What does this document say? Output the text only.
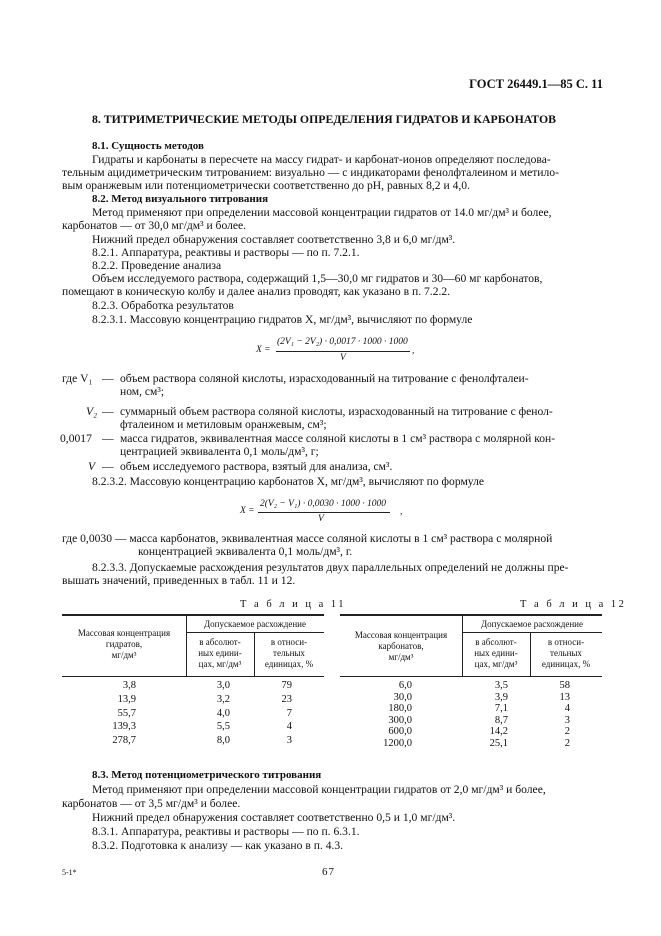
ГОСТ 26449.1—85 С. 11
8. ТИТРИМЕТРИЧЕСКИЕ МЕТОДЫ ОПРЕДЕЛЕНИЯ ГИДРАТОВ И КАРБОНАТОВ
8.1. Сущность методов
Гидраты и карбонаты в пересчете на массу гидрат- и карбонат-ионов определяют последова-
тельным ацидиметрическим титрованием: визуально — с индикаторами фенолфталеином и метило-
вым оранжевым или потенциометрически соответственно до рН, равных 8,2 и 4,0.
8.2. Метод визуального титрования
Метод применяют при определении массовой концентрации гидратов от 14.0 мг/дм³ и более,
карбонатов — от 30,0 мг/дм³ и более.
Нижний предел обнаружения составляет соответственно 3,8 и 6,0 мг/дм³.
8.2.1. Аппаратура, реактивы и растворы — по п. 7.2.1.
8.2.2. Проведение анализа
Объем исследуемого раствора, содержащий 1,5—30,0 мг гидратов и 30—60 мг карбонатов,
помещают в коническую колбу и далее анализ проводят, как указано в п. 7.2.2.
8.2.3. Обработка результатов
8.2.3.1. Массовую концентрацию гидратов X, мг/дм³, вычисляют по формуле
X =
(2V₁ − 2V₂) · 0,0017 · 1000 · 1000
V
,
где V₁ — объем раствора соляной кислоты, израсходованный на титрование с фенолфталеи-
ном, см³;
V₂ — суммарный объем раствора соляной кислоты, израсходованный на титрование с фенол-
фталеином и метиловым оранжевым, см³;
0,0017 — масса гидратов, эквивалентная массе соляной кислоты в 1 см³ раствора с молярной кон-
центрацией эквивалента 0,1 моль/дм³, г;
V — объем исследуемого раствора, взятый для анализа, см³.
8.2.3.2. Массовую концентрацию карбонатов X, мг/дм³, вычисляют по формуле
X =
2(V₂ − V₁) · 0,0030 · 1000 · 1000
V
,
где 0,0030 — масса карбонатов, эквивалентная массе соляной кислоты в 1 см³ раствора с молярной
концентрацией эквивалента 0,1 моль/дм³, г.
8.2.3.3. Допускаемые расхождения результатов двух параллельных определений не должны пре-
вышать значений, приведенных в табл. 11 и 12.
Т а б л и ц а 11
Массовая концентрация
гидратов,
мг/дм³
Допускаемое расхождение
в абсолют-
ных едини-
цах, мг/дм³
в относи-
тельных
единицах, %
3,8	3,0	79
13,9	3,2	23
55,7	4,0	7
139,3	5,5	4
278,7	8,0	3
Т а б л и ц а 12
Массовая концентрация
карбонатов,
мг/дм³
Допускаемое расхождение
в абсолют-
ных едини-
цах, мг/дм³
в относи-
тельных
единицах, %
6,0	3,5	58
30,0	3,9	13
180,0	7,1	4
300,0	8,7	3
600,0	14,2	2
1200,0	25,1	2
8.3. Метод потенциометрического титрования
Метод применяют при определении массовой концентрации гидратов от 2,0 мг/дм³ и более,
карбонатов — от 3,5 мг/дм³ и более.
Нижний предел обнаружения составляет соответственно 0,5 и 1,0 мг/дм³.
8.3.1. Аппаратура, реактивы и растворы — по п. 6.3.1.
8.3.2. Подготовка к анализу — как указано в п. 4.3.
5-1*	67
